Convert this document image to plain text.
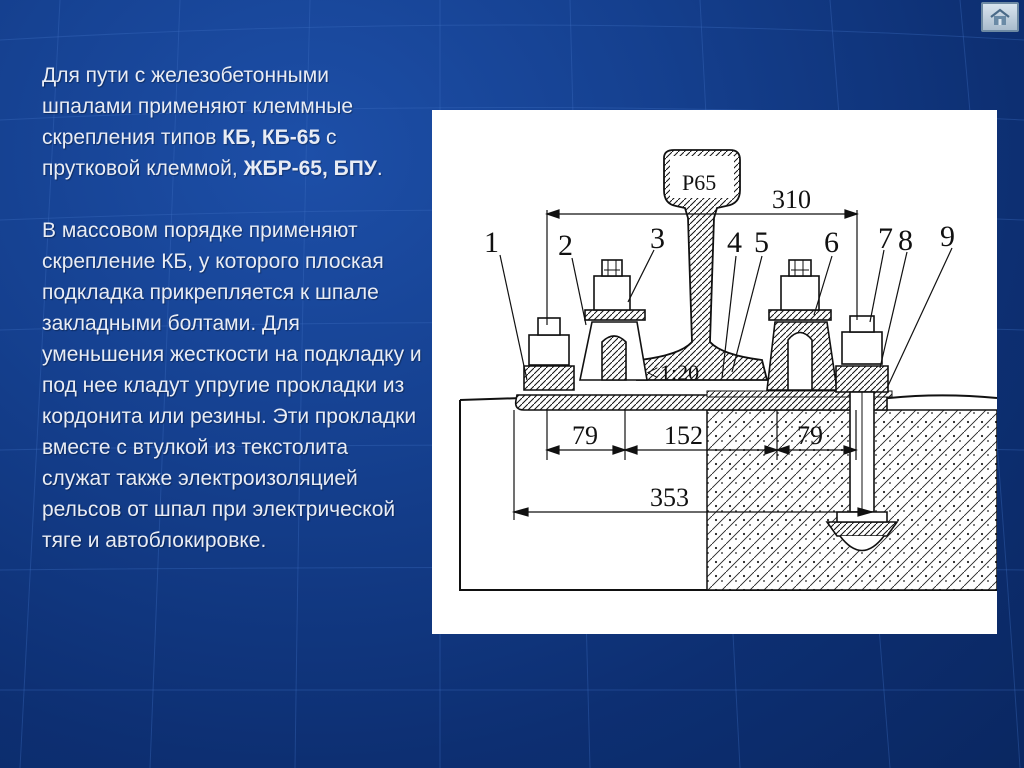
Для пути с железобетонными шпалами применяют клеммные скрепления типов КБ, КБ-65 с прутковой клеммой, ЖБР-65, БПУ.

В массовом порядке применяют скрепление КБ, у которого плоская подкладка прикрепляется к шпале закладными болтами. Для уменьшения жесткости на подкладку и под нее кладут упругие прокладки из кордонита или резины. Эти прокладки вместе с втулкой из текстолита служат также электроизоляцией рельсов от шпал при электрической тяге и автоблокировке.

Р65
310
< 1:20
79	152	79
353
1 2	3 4 5 6 7 8 9
